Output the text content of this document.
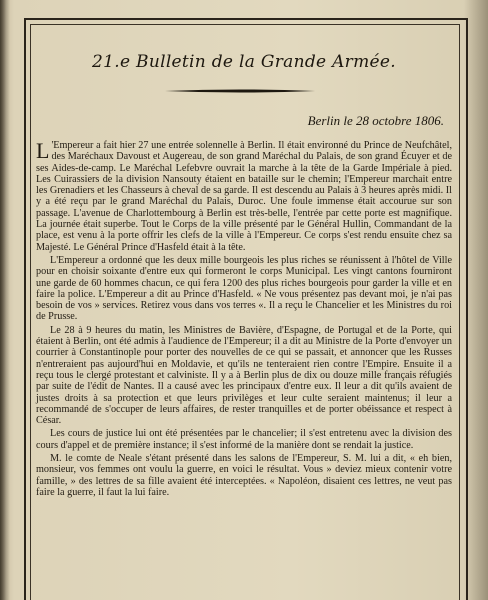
21.e Bulletin de la Grande Armée.
Berlin le 28 octobre 1806.

L 'Empereur a fait hier 27 une entrée solennelle à Berlin. Il était environné du Prince de Neufchâtel, des Maréchaux Davoust et Augereau, de son grand Maréchal du Palais, de son grand Écuyer et de ses Aides-de-camp. Le Maréchal Lefebvre ouvrait la marche à la tête de la Garde Impériale à pied. Les Cuirassiers de la division Nansouty étaient en bataille sur le chemin; l'Empereur marchait entre les Grenadiers et les Chasseurs à cheval de sa garde. Il est descendu au Palais à 3 heures après midi. Il y a été reçu par le grand Maréchal du Palais, Duroc. Une foule immense était accourue sur son passage. L'avenue de Charlottembourg à Berlin est très-belle, l'entrée par cette porte est magnifique. La journée était superbe. Tout le Corps de la ville présenté par le Général Hullin, Commandant de la place, est venu à la porte offrir les clefs de la ville à l'Empereur. Ce corps s'est rendu ensuite chez sa Majesté. Le Général Prince d'Hasfeld était à la tête.

L'Empereur a ordonné que les deux mille bourgeois les plus riches se réunissent à l'hôtel de Ville pour en choisir soixante d'entre eux qui formeront le corps Municipal. Les vingt cantons fourniront une garde de 60 hommes chacun, ce qui fera 1200 des plus riches bourgeois pour garder la ville et en faire la police. L'Empereur a dit au Prince d'Hasfeld. « Ne vous présentez pas devant moi, je n'ai pas besoin de vos » services. Retirez vous dans vos terres «. Il a reçu le Chancelier et les Ministres du roi de Prusse.

Le 28 à 9 heures du matin, les Ministres de Bavière, d'Espagne, de Portugal et de la Porte, qui étaient à Berlin, ont été admis à l'audience de l'Empereur; il a dit au Ministre de la Porte d'envoyer un courrier à Constantinople pour porter des nouvelles de ce qui se passait, et annoncer que les Russes n'entreraient pas aujourd'hui en Moldavie, et qu'ils ne tenteraient rien contre l'Empire. Ensuite il a reçu tous le clergé protestant et calviniste. Il y a à Berlin plus de dix ou douze mille français réfugiés par suite de l'édit de Nantes. Il a causé avec les principaux d'entre eux. Il leur a dit qu'ils avaient de justes droits à sa protection et que leurs privilèges et leur culte seraient maintenus; il leur a recommandé de s'occuper de leurs affaires, de rester tranquilles et de porter obéissance et respect à César.

Les cours de justice lui ont été présentées par le chancelier; il s'est entretenu avec la division des cours d'appel et de première instance; il s'est informé de la manière dont se rendait la justice.

M. le comte de Neale s'étant présenté dans les salons de l'Empereur, S. M. lui a dit, « eh bien, monsieur, vos femmes ont voulu la guerre, en voici le résultat. Vous » deviez mieux contenir votre famille, » des lettres de sa fille avaient été interceptées. « Napoléon, disaient ces lettres, ne veut pas faire la guerre, il faut la lui faire.
